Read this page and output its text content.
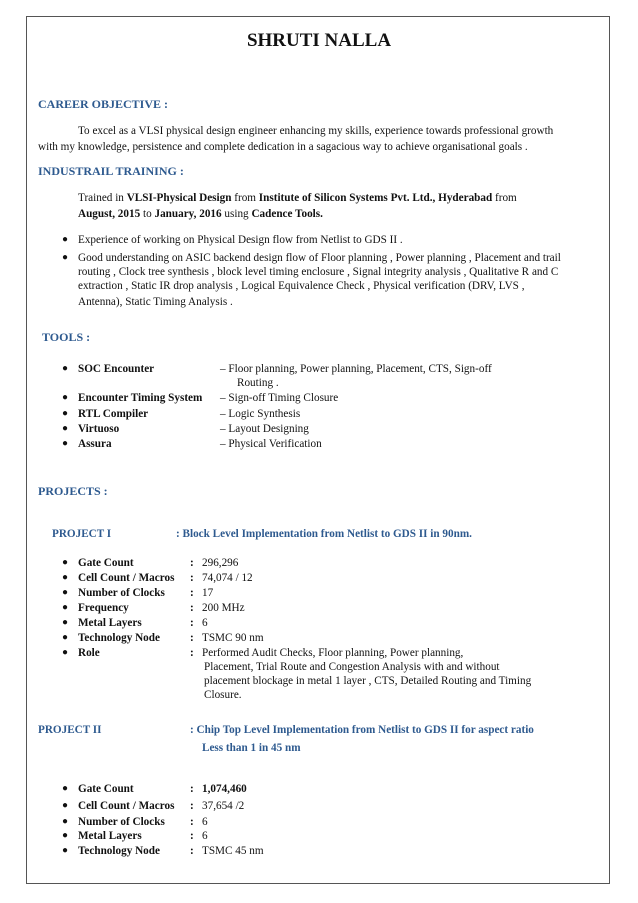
SHRUTI NALLA
CAREER OBJECTIVE :
To excel as a VLSI physical design engineer enhancing my skills, experience towards professional growth
with my knowledge, persistence and complete dedication in a sagacious way to achieve organisational goals .
INDUSTRAIL TRAINING :
Trained in VLSI-Physical Design from Institute of Silicon Systems Pvt. Ltd., Hyderabad from
August, 2015 to January, 2016 using Cadence Tools.
● Experience of working on Physical Design flow from Netlist to GDS II .
● Good understanding on ASIC backend design flow of Floor planning , Power planning , Placement and trail
routing , Clock tree synthesis , block level timing enclosure , Signal integrity analysis , Qualitative R and C
extraction , Static IR drop analysis , Logical Equivalence Check , Physical verification (DRV, LVS ,
Antenna), Static Timing Analysis .
TOOLS :
● SOC Encounter	– Floor planning, Power planning, Placement, CTS, Sign-off
Routing .
● Encounter Timing System – Sign-off Timing Closure
● RTL Compiler	– Logic Synthesis
● Virtuoso	– Layout Designing
● Assura	– Physical Verification
PROJECTS :
PROJECT I	: Block Level Implementation from Netlist to GDS II in 90nm.
● Gate Count	: 296,296
● Cell Count / Macros : 74,074 / 12
● Number of Clocks : 17
● Frequency	: 200 MHz
● Metal Layers	: 6
● Technology Node	: TSMC 90 nm
● Role	: Performed Audit Checks, Floor planning, Power planning,
Placement, Trial Route and Congestion Analysis with and without
placement blockage in metal 1 layer , CTS, Detailed Routing and Timing
Closure.
PROJECT II	: Chip Top Level Implementation from Netlist to GDS II for aspect ratio
Less than 1 in 45 nm
● Gate Count	: 1,074,460
● Cell Count / Macros : 37,654 /2
● Number of Clocks : 6
● Metal Layers	: 6
● Technology Node	: TSMC 45 nm
